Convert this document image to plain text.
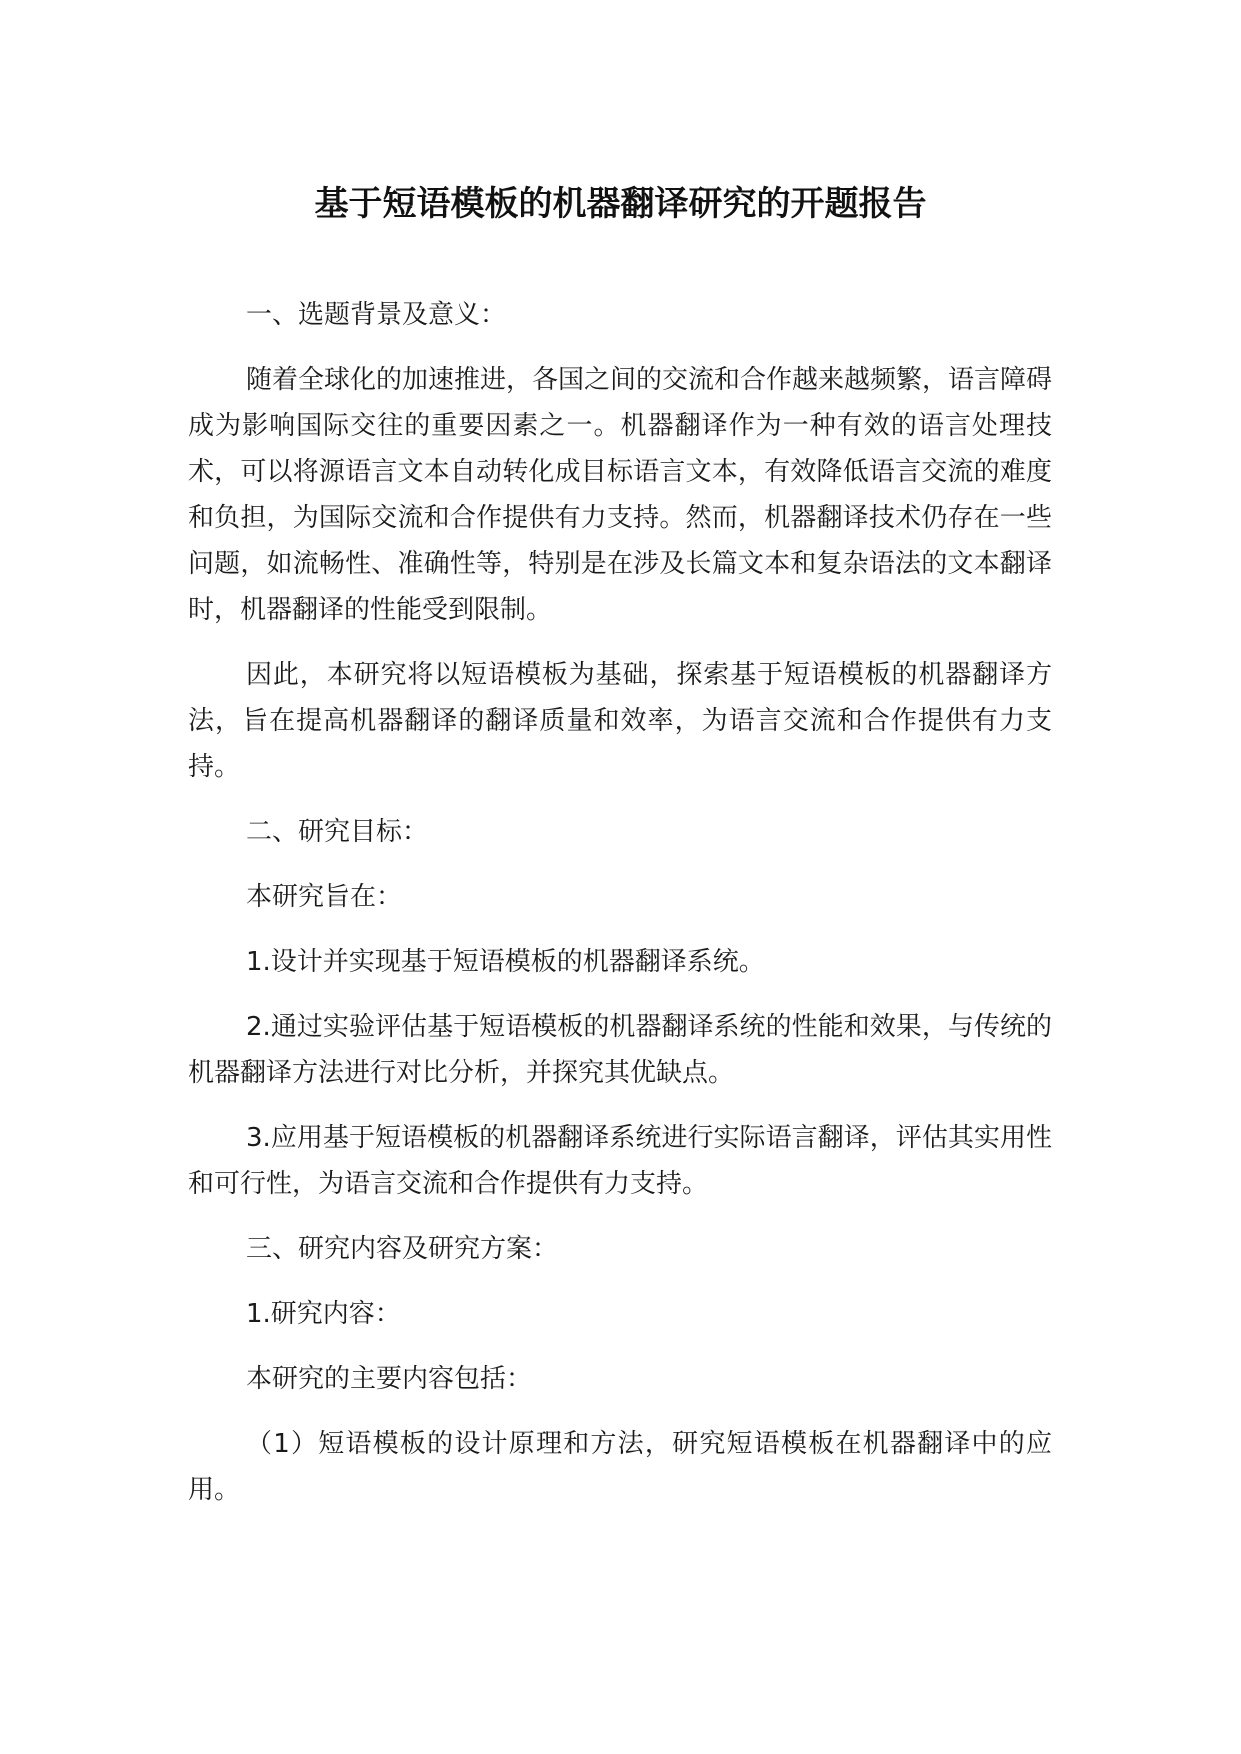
基于短语模板的机器翻译研究的开题报告

一、选题背景及意义：

随着全球化的加速推进，各国之间的交流和合作越来越频繁，语言障碍成为影响国际交往的重要因素之一。机器翻译作为一种有效的语言处理技术，可以将源语言文本自动转化成目标语言文本，有效降低语言交流的难度和负担，为国际交流和合作提供有力支持。然而，机器翻译技术仍存在一些问题，如流畅性、准确性等，特别是在涉及长篇文本和复杂语法的文本翻译时，机器翻译的性能受到限制。

因此，本研究将以短语模板为基础，探索基于短语模板的机器翻译方法，旨在提高机器翻译的翻译质量和效率，为语言交流和合作提供有力支持。

二、研究目标：

本研究旨在：

1.设计并实现基于短语模板的机器翻译系统。

2.通过实验评估基于短语模板的机器翻译系统的性能和效果，与传统的机器翻译方法进行对比分析，并探究其优缺点。

3.应用基于短语模板的机器翻译系统进行实际语言翻译，评估其实用性和可行性，为语言交流和合作提供有力支持。

三、研究内容及研究方案：

1.研究内容：

本研究的主要内容包括：

（1）短语模板的设计原理和方法，研究短语模板在机器翻译中的应用。
